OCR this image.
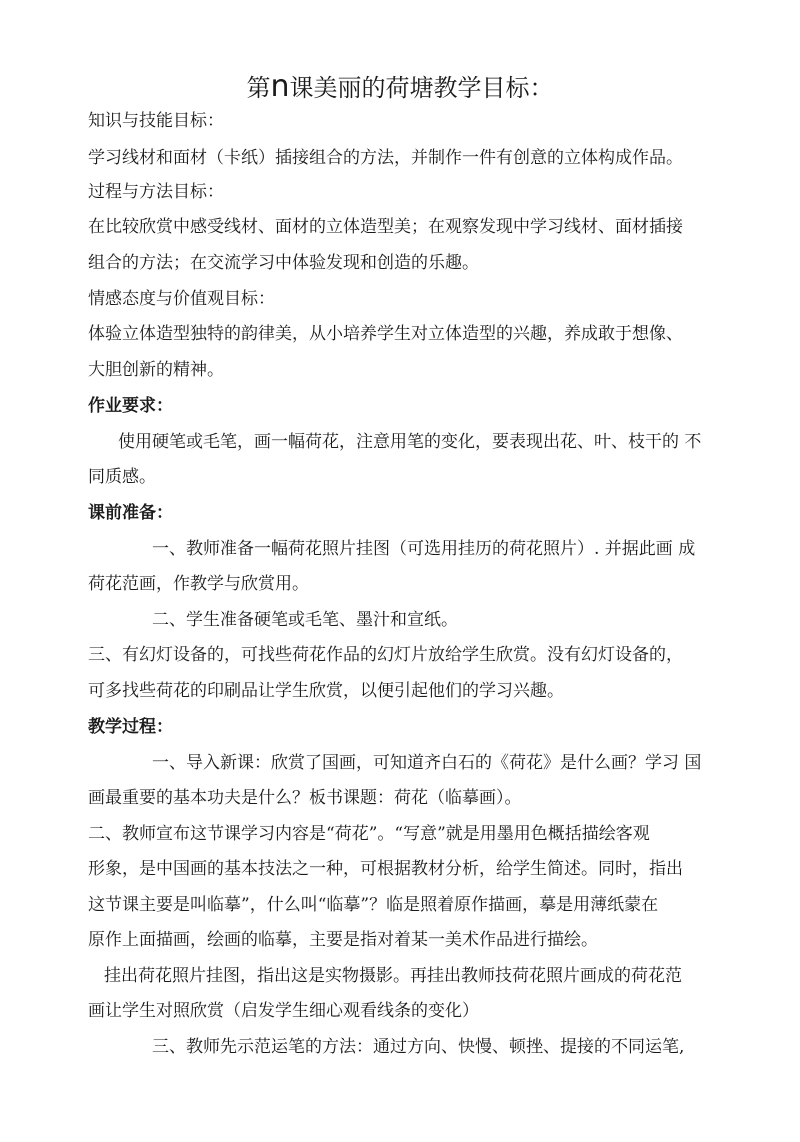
第n课美丽的荷塘教学目标：
知识与技能目标：
学习线材和面材（卡纸）插接组合的方法，并制作一件有创意的立体构成作品。
过程与方法目标：
在比较欣赏中感受线材、面材的立体造型美；在观察发现中学习线材、面材插接
组合的方法；在交流学习中体验发现和创造的乐趣。
情感态度与价值观目标：
体验立体造型独特的韵律美，从小培养学生对立体造型的兴趣，养成敢于想像、
大胆创新的精神。
作业要求：
使用硬笔或毛笔，画一幅荷花，注意用笔的变化，要表现出花、叶、枝干的 不
同质感。
课前准备：
一、教师准备一幅荷花照片挂图（可选用挂历的荷花照片）. 并据此画 成
荷花范画，作教学与欣赏用。
二、学生准备硬笔或毛笔、墨汁和宣纸。
三、有幻灯设备的，可找些荷花作品的幻灯片放给学生欣赏。没有幻灯设备的，
可多找些荷花的印刷品让学生欣赏，以便引起他们的学习兴趣。
教学过程：
一、导入新课：欣赏了国画，可知道齐白石的《荷花》是什么画？学习 国
画最重要的基本功夫是什么？板书课题：荷花（临摹画）。
二、教师宣布这节课学习内容是“荷花”。“写意”就是用墨用色概括描绘客观
形象，是中国画的基本技法之一种，可根据教材分析，给学生简述。同时，指出
这节课主要是叫临摹”，什么叫“临摹”？临是照着原作描画，摹是用薄纸蒙在
原作上面描画，绘画的临摹，主要是指对着某一美术作品进行描绘。
挂出荷花照片挂图，指出这是实物摄影。再挂出教师技荷花照片画成的荷花范
画让学生对照欣赏（启发学生细心观看线条的变化）
三、教师先示范运笔的方法：通过方向、快慢、顿挫、提接的不同运笔,
